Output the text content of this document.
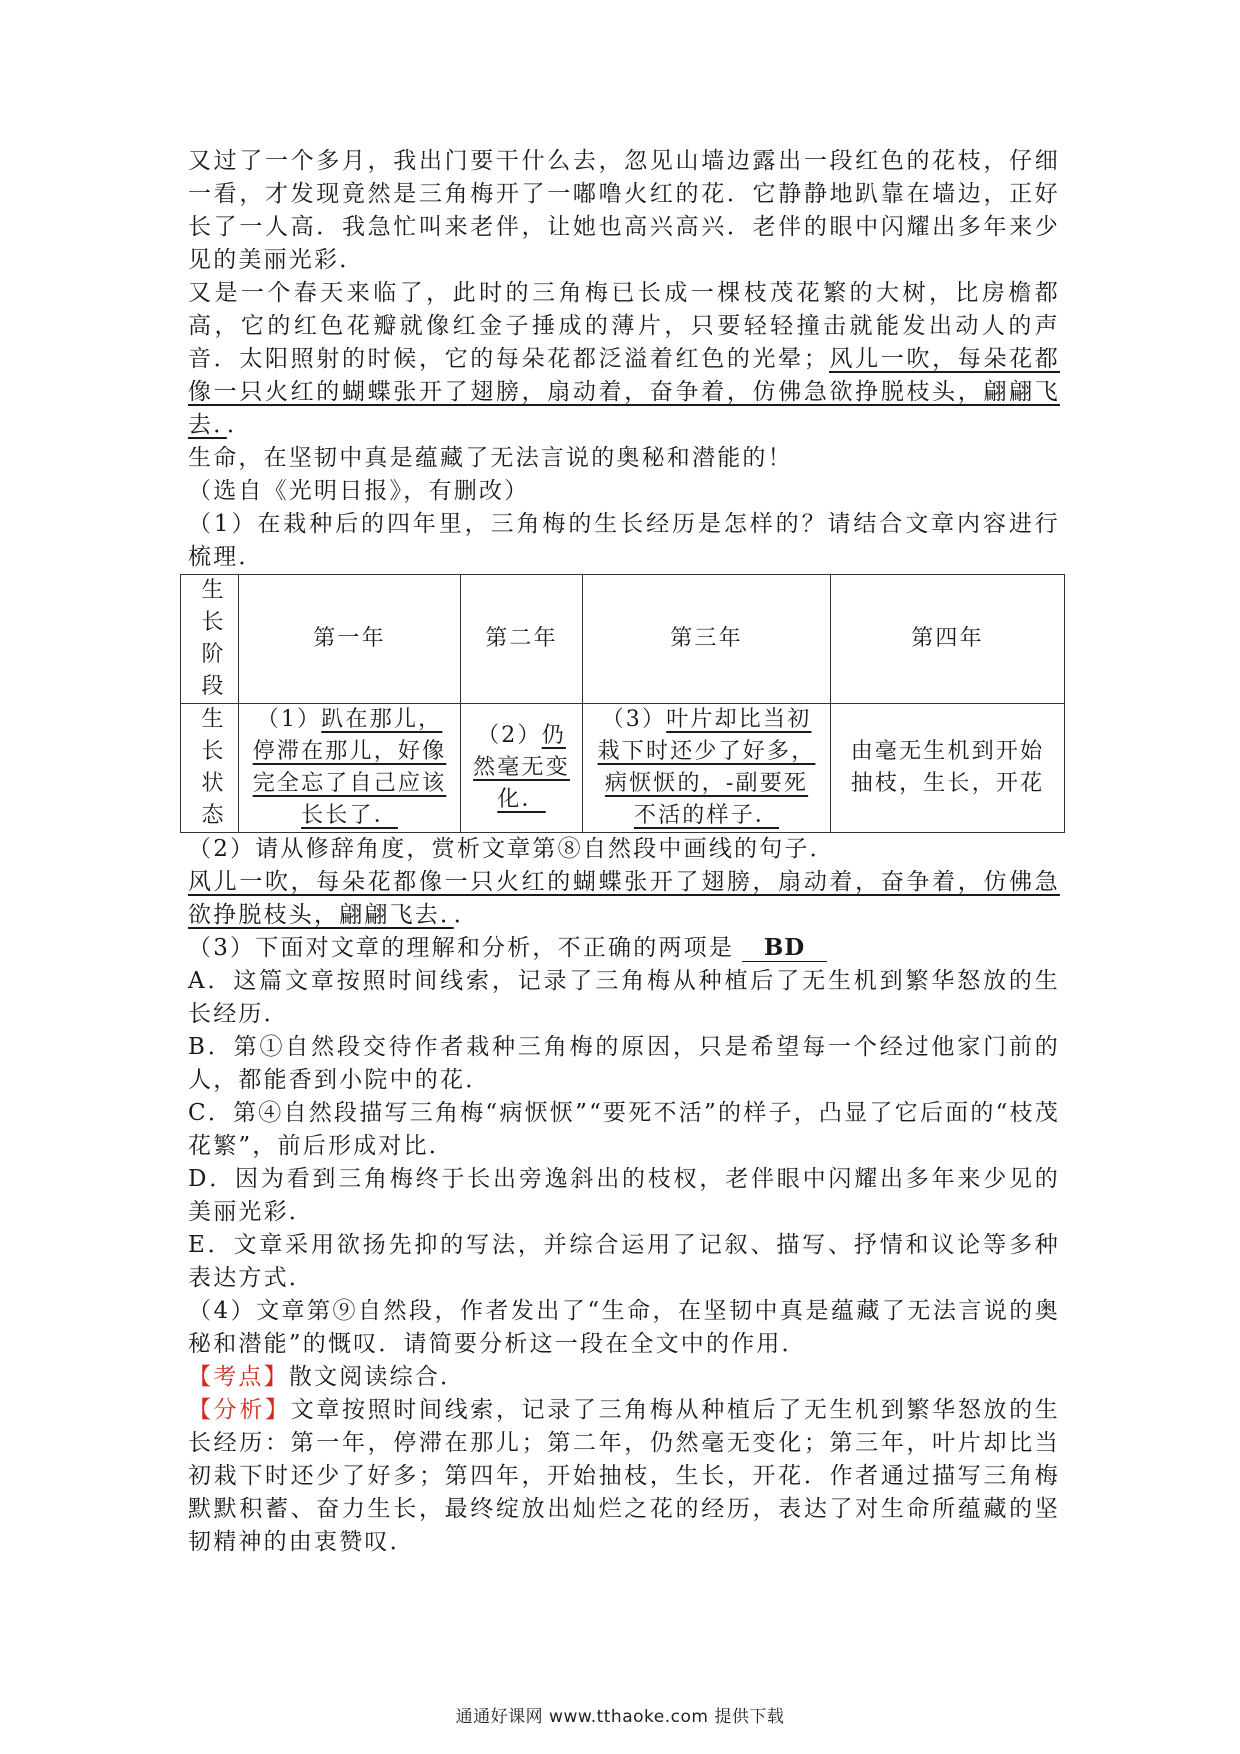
又过了一个多月，我出门要干什么去，忽见山墙边露出一段红色的花枝，仔细一看，才发现竟然是三角梅开了一嘟噜火红的花．它静静地趴靠在墙边，正好长了一人高．我急忙叫来老伴，让她也高兴高兴．老伴的眼中闪耀出多年来少见的美丽光彩．

又是一个春天来临了，此时的三角梅已长成一棵枝茂花繁的大树，比房檐都高，它的红色花瓣就像红金子捶成的薄片，只要轻轻撞击就能发出动人的声音．太阳照射的时候，它的每朵花都泛溢着红色的光晕；风儿一吹，每朵花都像一只火红的蝴蝶张开了翅膀，扇动着，奋争着，仿佛急欲挣脱枝头，翩翩飞去．．

生命，在坚韧中真是蕴藏了无法言说的奥秘和潜能的！

（选自《光明日报》，有删改）

（1）在栽种后的四年里，三角梅的生长经历是怎样的？请结合文章内容进行梳理．

生
长
阶
段	第一年	第二年	第三年	第四年

生
长
状
态	（1）趴在那儿，停滞在那儿，好像完全忘了自己应该长长了．	（2）仍然毫无变化．	（3）叶片却比当初栽下时还少了好多，病恹恹的，-副要死不活的样子．	由毫无生机到开始抽枝，生长，开花

（2）请从修辞角度，赏析文章第⑧自然段中画线的句子．

风儿一吹，每朵花都像一只火红的蝴蝶张开了翅膀，扇动着，奋争着，仿佛急欲挣脱枝头，翩翩飞去．．

（3）下面对文章的理解和分析，不正确的两项是 BD

A．这篇文章按照时间线索，记录了三角梅从种植后了无生机到繁华怒放的生长经历．

B．第①自然段交待作者栽种三角梅的原因，只是希望每一个经过他家门前的人，都能香到小院中的花．

C．第④自然段描写三角梅“病恹恹”“要死不活”的样子，凸显了它后面的“枝茂花繁”，前后形成对比．

D．因为看到三角梅终于长出旁逸斜出的枝杈，老伴眼中闪耀出多年来少见的美丽光彩．

E．文章采用欲扬先抑的写法，并综合运用了记叙、描写、抒情和议论等多种表达方式．

（4）文章第⑨自然段，作者发出了“生命，在坚韧中真是蕴藏了无法言说的奥秘和潜能”的慨叹．请简要分析这一段在全文中的作用．

【考点】散文阅读综合．

【分析】文章按照时间线索，记录了三角梅从种植后了无生机到繁华怒放的生长经历：第一年，停滞在那儿；第二年，仍然毫无变化；第三年，叶片却比当初栽下时还少了好多；第四年，开始抽枝，生长，开花．作者通过描写三角梅默默积蓄、奋力生长，最终绽放出灿烂之花的经历，表达了对生命所蕴藏的坚韧精神的由衷赞叹．

通通好课网 www.tthaoke.com 提供下载
